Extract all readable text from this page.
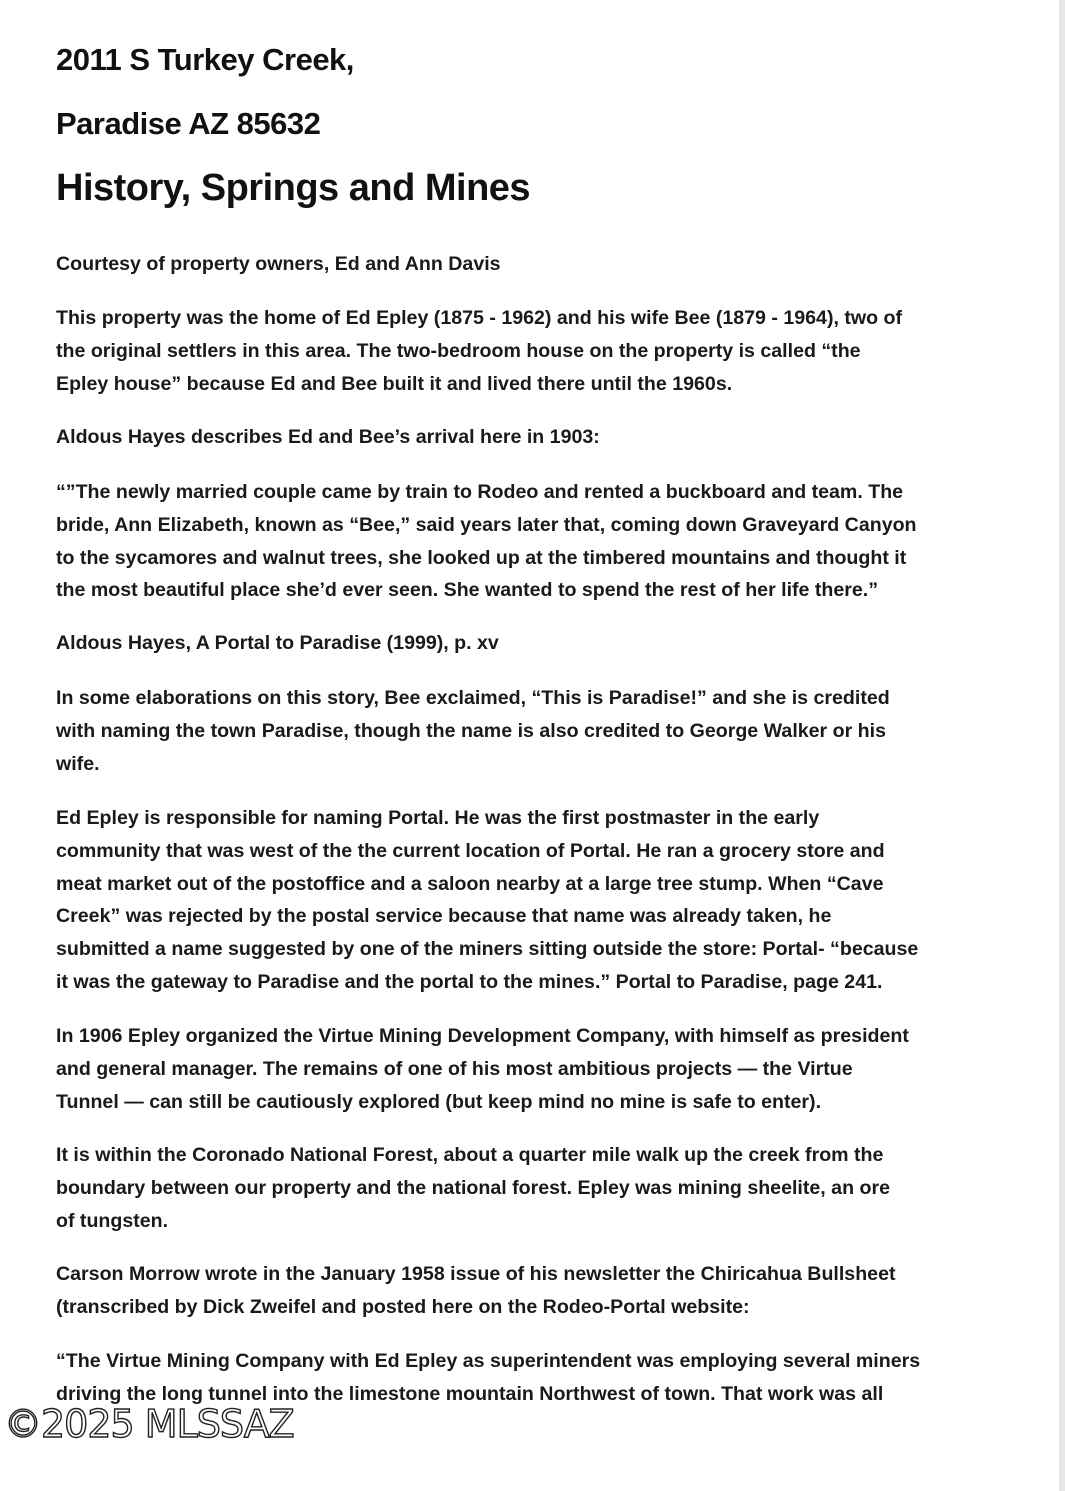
2011 S Turkey Creek,
Paradise AZ 85632
History, Springs and Mines

Courtesy of property owners, Ed and Ann Davis

This property was the home of Ed Epley (1875 - 1962) and his wife Bee (1879 - 1964), two of
the original settlers in this area. The two-bedroom house on the property is called “the
Epley house” because Ed and Bee built it and lived there until the 1960s.

Aldous Hayes describes Ed and Bee’s arrival here in 1903:

“”The newly married couple came by train to Rodeo and rented a buckboard and team. The
bride, Ann Elizabeth, known as “Bee,” said years later that, coming down Graveyard Canyon
to the sycamores and walnut trees, she looked up at the timbered mountains and thought it
the most beautiful place she’d ever seen. She wanted to spend the rest of her life there.”

Aldous Hayes, A Portal to Paradise (1999), p. xv

In some elaborations on this story, Bee exclaimed, “This is Paradise!” and she is credited
with naming the town Paradise, though the name is also credited to George Walker or his
wife.

Ed Epley is responsible for naming Portal. He was the first postmaster in the early
community that was west of the the current location of Portal. He ran a grocery store and
meat market out of the postoffice and a saloon nearby at a large tree stump. When “Cave
Creek” was rejected by the postal service because that name was already taken, he
submitted a name suggested by one of the miners sitting outside the store: Portal- “because
it was the gateway to Paradise and the portal to the mines.” Portal to Paradise, page 241.

In 1906 Epley organized the Virtue Mining Development Company, with himself as president
and general manager. The remains of one of his most ambitious projects — the Virtue
Tunnel — can still be cautiously explored (but keep mind no mine is safe to enter).

It is within the Coronado National Forest, about a quarter mile walk up the creek from the
boundary between our property and the national forest. Epley was mining sheelite, an ore
of tungsten.

Carson Morrow wrote in the January 1958 issue of his newsletter the Chiricahua Bullsheet
(transcribed by Dick Zweifel and posted here on the Rodeo-Portal website:

“The Virtue Mining Company with Ed Epley as superintendent was employing several miners
driving the long tunnel into the limestone mountain Northwest of town. That work was all

©2025 MLSSAZ
